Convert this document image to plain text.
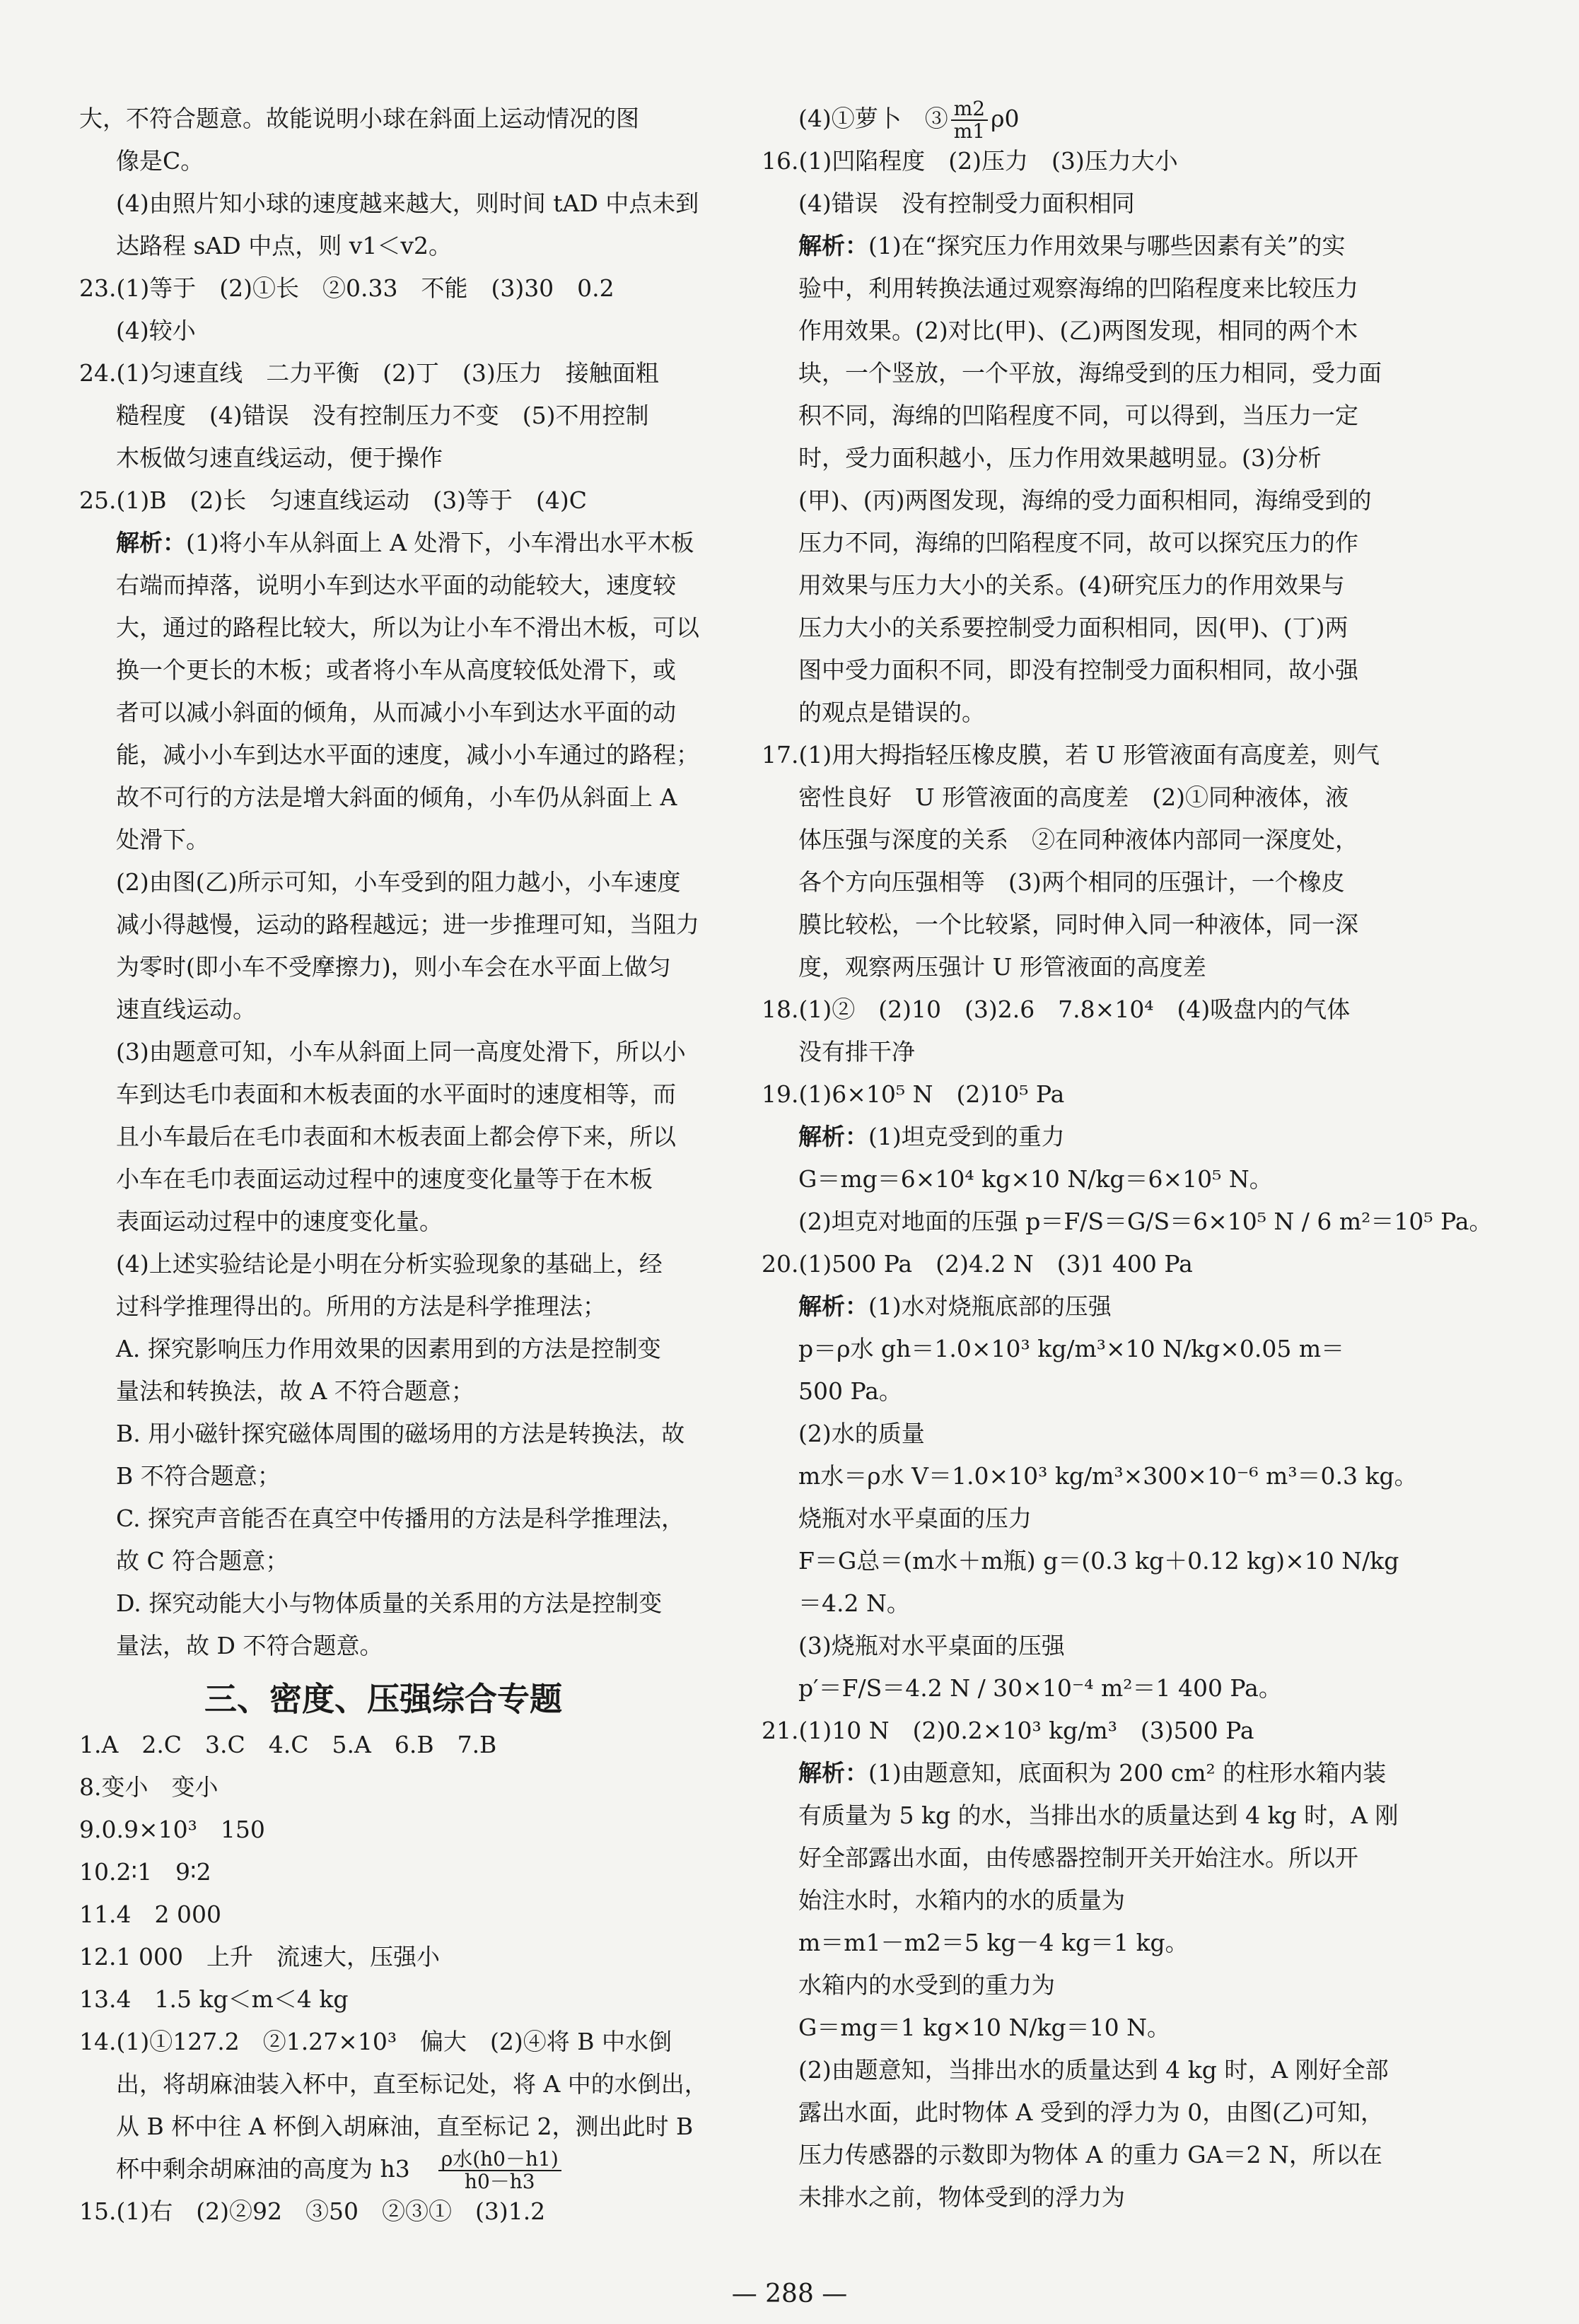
大，不符合题意。故能说明小球在斜面上运动情况的图
像是C。
(4)由照片知小球的速度越来越大，则时间 tAD 中点未到
达路程 sAD 中点，则 v1＜v2。
23.(1)等于　(2)①长　②0.33　不能　(3)30　0.2
(4)较小
24.(1)匀速直线　二力平衡　(2)丁　(3)压力　接触面粗
糙程度　(4)错误　没有控制压力不变　(5)不用控制
木板做匀速直线运动，便于操作
25.(1)B　(2)长　匀速直线运动　(3)等于　(4)C
解析：(1)将小车从斜面上 A 处滑下，小车滑出水平木板
右端而掉落，说明小车到达水平面的动能较大，速度较
大，通过的路程比较大，所以为让小车不滑出木板，可以
换一个更长的木板；或者将小车从高度较低处滑下，或
者可以减小斜面的倾角，从而减小小车到达水平面的动
能，减小小车到达水平面的速度，减小小车通过的路程；
故不可行的方法是增大斜面的倾角，小车仍从斜面上 A
处滑下。
(2)由图(乙)所示可知，小车受到的阻力越小，小车速度
减小得越慢，运动的路程越远；进一步推理可知，当阻力
为零时(即小车不受摩擦力)，则小车会在水平面上做匀
速直线运动。
(3)由题意可知，小车从斜面上同一高度处滑下，所以小
车到达毛巾表面和木板表面的水平面时的速度相等，而
且小车最后在毛巾表面和木板表面上都会停下来，所以
小车在毛巾表面运动过程中的速度变化量等于在木板
表面运动过程中的速度变化量。
(4)上述实验结论是小明在分析实验现象的基础上，经
过科学推理得出的。所用的方法是科学推理法；
A. 探究影响压力作用效果的因素用到的方法是控制变
量法和转换法，故 A 不符合题意；
B. 用小磁针探究磁体周围的磁场用的方法是转换法，故
B 不符合题意；
C. 探究声音能否在真空中传播用的方法是科学推理法，
故 C 符合题意；
D. 探究动能大小与物体质量的关系用的方法是控制变
量法，故 D 不符合题意。
三、密度、压强综合专题
1.A　2.C　3.C　4.C　5.A　6.B　7.B
8.变小　变小
9.0.9×10³　150
10.2∶1　9∶2
11.4　2 000
12.1 000　上升　流速大，压强小
13.4　1.5 kg＜m＜4 kg
14.(1)①127.2　②1.27×10³　偏大　(2)④将 B 中水倒
出，将胡麻油装入杯中，直至标记处，将 A 中的水倒出，
从 B 杯中往 A 杯倒入胡麻油，直至标记 2，测出此时 B
杯中剩余胡麻油的高度为 $h3 \frac{\text{ρ水(h0－h1)}}{h0-h3}$
15.(1)右　(2)②92　③50　②③①　(3)1.2
(4)①萝卜　③ $\frac{m2}{m1} \rho 0$
16.(1)凹陷程度　(2)压力　(3)压力大小
(4)错误　没有控制受力面积相同
解析：(1)在“探究压力作用效果与哪些因素有关”的实
验中，利用转换法通过观察海绵的凹陷程度来比较压力
作用效果。(2)对比(甲)、(乙)两图发现，相同的两个木
块，一个竖放，一个平放，海绵受到的压力相同，受力面
积不同，海绵的凹陷程度不同，可以得到，当压力一定
时，受力面积越小，压力作用效果越明显。(3)分析
(甲)、(丙)两图发现，海绵的受力面积相同，海绵受到的
压力不同，海绵的凹陷程度不同，故可以探究压力的作
用效果与压力大小的关系。(4)研究压力的作用效果与
压力大小的关系要控制受力面积相同，因(甲)、(丁)两
图中受力面积不同，即没有控制受力面积相同，故小强
的观点是错误的。
17.(1)用大拇指轻压橡皮膜，若 U 形管液面有高度差，则气
密性良好　U 形管液面的高度差　(2)①同种液体，液
体压强与深度的关系　②在同种液体内部同一深度处，
各个方向压强相等　(3)两个相同的压强计，一个橡皮
膜比较松，一个比较紧，同时伸入同一种液体，同一深
度，观察两压强计 U 形管液面的高度差
18.(1)②　(2)10　(3)2.6　7.8×10⁴　(4)吸盘内的气体
没有排干净
19.(1)6×10⁵ N　(2)10⁵ Pa
解析：(1)坦克受到的重力
G＝mg＝6×10⁴ kg×10 N/kg＝6×10⁵ N。
(2)坦克对地面的压强 p＝F/S＝G/S＝6×10⁵ N / 6 m²＝10⁵ Pa。
20.(1)500 Pa　(2)4.2 N　(3)1 400 Pa
解析：(1)水对烧瓶底部的压强
p＝ρ水 gh＝1.0×10³ kg/m³×10 N/kg×0.05 m＝
500 Pa。
(2)水的质量
m水＝ρ水 V＝1.0×10³ kg/m³×300×10⁻⁶ m³＝0.3 kg。
烧瓶对水平桌面的压力
F＝G总＝(m水＋m瓶) g＝(0.3 kg＋0.12 kg)×10 N/kg
＝4.2 N。
(3)烧瓶对水平桌面的压强
p′＝F/S＝4.2 N / 30×10⁻⁴ m²＝1 400 Pa。
21.(1)10 N　(2)0.2×10³ kg/m³　(3)500 Pa
解析：(1)由题意知，底面积为 200 cm² 的柱形水箱内装
有质量为 5 kg 的水，当排出水的质量达到 4 kg 时，A 刚
好全部露出水面，由传感器控制开关开始注水。所以开
始注水时，水箱内的水的质量为
m＝m1－m2＝5 kg－4 kg＝1 kg。
水箱内的水受到的重力为
G＝mg＝1 kg×10 N/kg＝10 N。
(2)由题意知，当排出水的质量达到 4 kg 时，A 刚好全部
露出水面，此时物体 A 受到的浮力为 0，由图(乙)可知，
压力传感器的示数即为物体 A 的重力 GA＝2 N，所以在
未排水之前，物体受到的浮力为
— 288 —
